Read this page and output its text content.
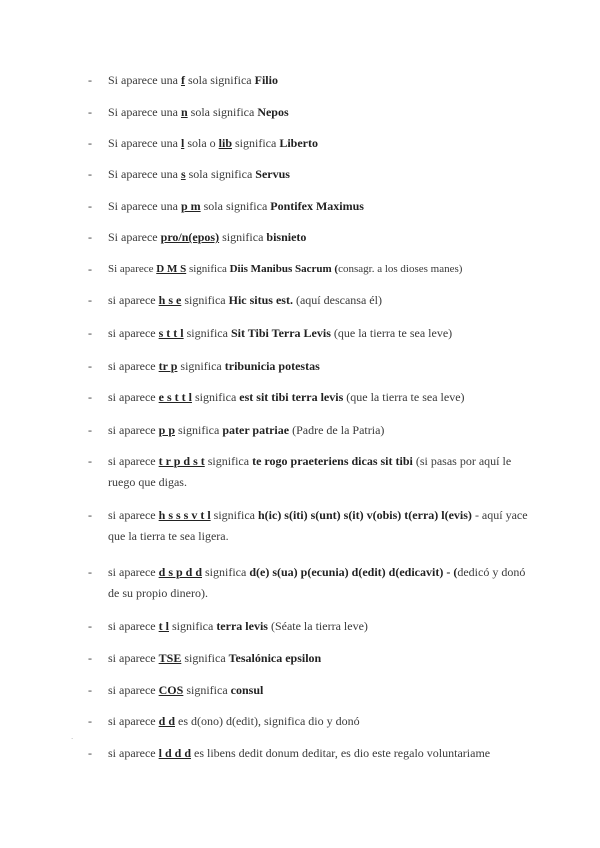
- Si aparece una f sola significa Filio
- Si aparece una n sola significa Nepos
- Si aparece una l sola o lib significa Liberto
- Si aparece una s sola significa Servus
- Si aparece una p m sola significa Pontifex Maximus
- Si aparece pro/n(epos) significa bisnieto
- Si aparece D M S significa Diis Manibus Sacrum (consagr. a los dioses manes)
- si aparece h s e significa Hic situs est. (aquí descansa él)
- si aparece s t t l significa Sit Tibi Terra Levis (que la tierra te sea leve)
- si aparece tr p significa tribunicia potestas
- si aparece e s t t l significa est sit tibi terra levis (que la tierra te sea leve)
- si aparece p p significa pater patriae (Padre de la Patria)
- si aparece t r p d s t significa te rogo praeteriens dicas sit tibi (si pasas por aquí le ruego que digas.
- si aparece h s s s v t l significa h(ic) s(iti) s(unt) s(it) v(obis) t(erra) l(evis) - aquí yace que la tierra te sea ligera.
- si aparece d s p d d significa d(e) s(ua) p(ecunia) d(edit) d(edicavit) - (dedicó y donó de su propio dinero).
- si aparece t l significa terra levis (Séate la tierra leve)
- si aparece TSE significa Tesalónica epsilon
- si aparece COS significa consul
- si aparece d d es d(ono) d(edit), significa dio y donó
- si aparece l d d d es libens dedit donum deditar, es dio este regalo voluntariame
`
